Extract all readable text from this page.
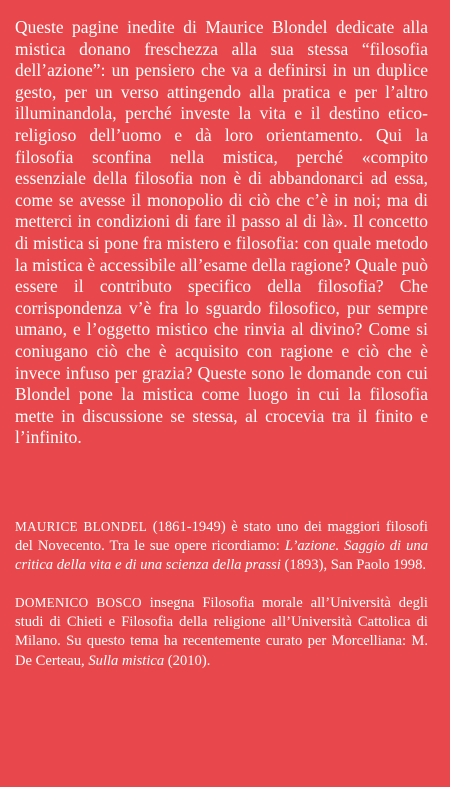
Queste pagine inedite di Maurice Blondel dedicate alla mistica donano freschezza alla sua stessa “filosofia dell’azione”: un pensiero che va a definirsi in un duplice gesto, per un verso attingendo alla pratica e per l’altro illuminandola, perché investe la vita e il destino etico-religioso dell’uomo e dà loro orientamento. Qui la filosofia sconfina nella mistica, perché «compito essenziale della filosofia non è di abbandonarci ad essa, come se avesse il monopolio di ciò che c’è in noi; ma di metterci in condizioni di fare il passo al di là». Il concetto di mistica si pone fra mistero e filosofia: con quale metodo la mistica è accessibile all’esame della ragione? Quale può essere il contributo specifico della filosofia? Che corrispondenza v’è fra lo sguardo filosofico, pur sempre umano, e l’oggetto mistico che rinvia al divino? Come si coniugano ciò che è acquisito con ragione e ciò che è invece infuso per grazia? Queste sono le domande con cui Blondel pone la mistica come luogo in cui la filosofia mette in discussione se stessa, al crocevia tra il finito e l’infinito.

MAURICE BLONDEL (1861-1949) è stato uno dei maggiori filosofi del Novecento. Tra le sue opere ricordiamo: L’azione. Saggio di una critica della vita e di una scienza della prassi (1893), San Paolo 1998.

DOMENICO BOSCO insegna Filosofia morale all’Università degli studi di Chieti e Filosofia della religione all’Università Cattolica di Milano. Su questo tema ha recentemente curato per Morcelliana: M. De Certeau, Sulla mistica (2010).
